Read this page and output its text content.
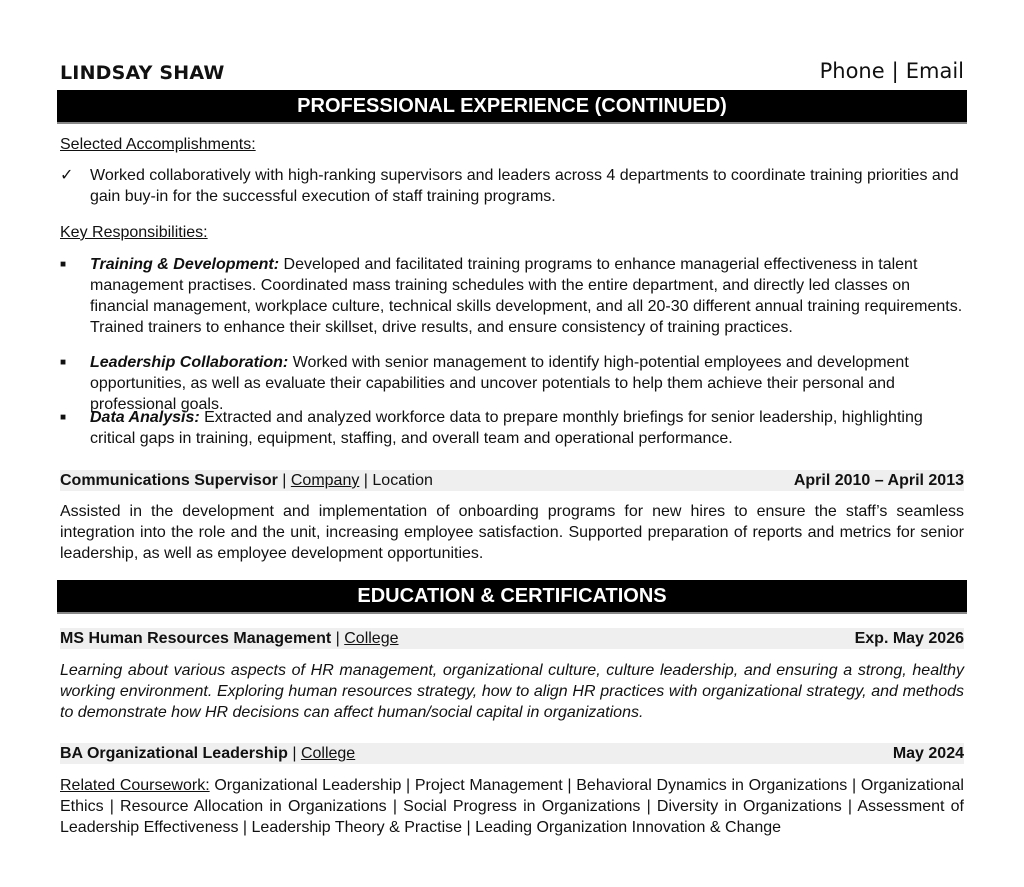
LINDSAY SHAW	Phone | Email
PROFESSIONAL EXPERIENCE (CONTINUED)
Selected Accomplishments:
✓	Worked collaboratively with high-ranking supervisors and leaders across 4 departments to coordinate training priorities and gain buy-in for the successful execution of staff training programs.
Key Responsibilities:
■	Training & Development: Developed and facilitated training programs to enhance managerial effectiveness in talent management practises. Coordinated mass training schedules with the entire department, and directly led classes on financial management, workplace culture, technical skills development, and all 20-30 different annual training requirements. Trained trainers to enhance their skillset, drive results, and ensure consistency of training practices.
■	Leadership Collaboration: Worked with senior management to identify high-potential employees and development opportunities, as well as evaluate their capabilities and uncover potentials to help them achieve their personal and professional goals.
■	Data Analysis: Extracted and analyzed workforce data to prepare monthly briefings for senior leadership, highlighting critical gaps in training, equipment, staffing, and overall team and operational performance.
Communications Supervisor | Company | Location	April 2010 – April 2013
Assisted in the development and implementation of onboarding programs for new hires to ensure the staff’s seamless integration into the role and the unit, increasing employee satisfaction. Supported preparation of reports and metrics for senior leadership, as well as employee development opportunities.
EDUCATION & CERTIFICATIONS
MS Human Resources Management | College	Exp. May 2026
Learning about various aspects of HR management, organizational culture, culture leadership, and ensuring a strong, healthy working environment. Exploring human resources strategy, how to align HR practices with organizational strategy, and methods to demonstrate how HR decisions can affect human/social capital in organizations.
BA Organizational Leadership | College	May 2024
Related Coursework: Organizational Leadership | Project Management | Behavioral Dynamics in Organizations | Organizational Ethics | Resource Allocation in Organizations | Social Progress in Organizations | Diversity in Organizations | Assessment of Leadership Effectiveness | Leadership Theory & Practise | Leading Organization Innovation & Change
